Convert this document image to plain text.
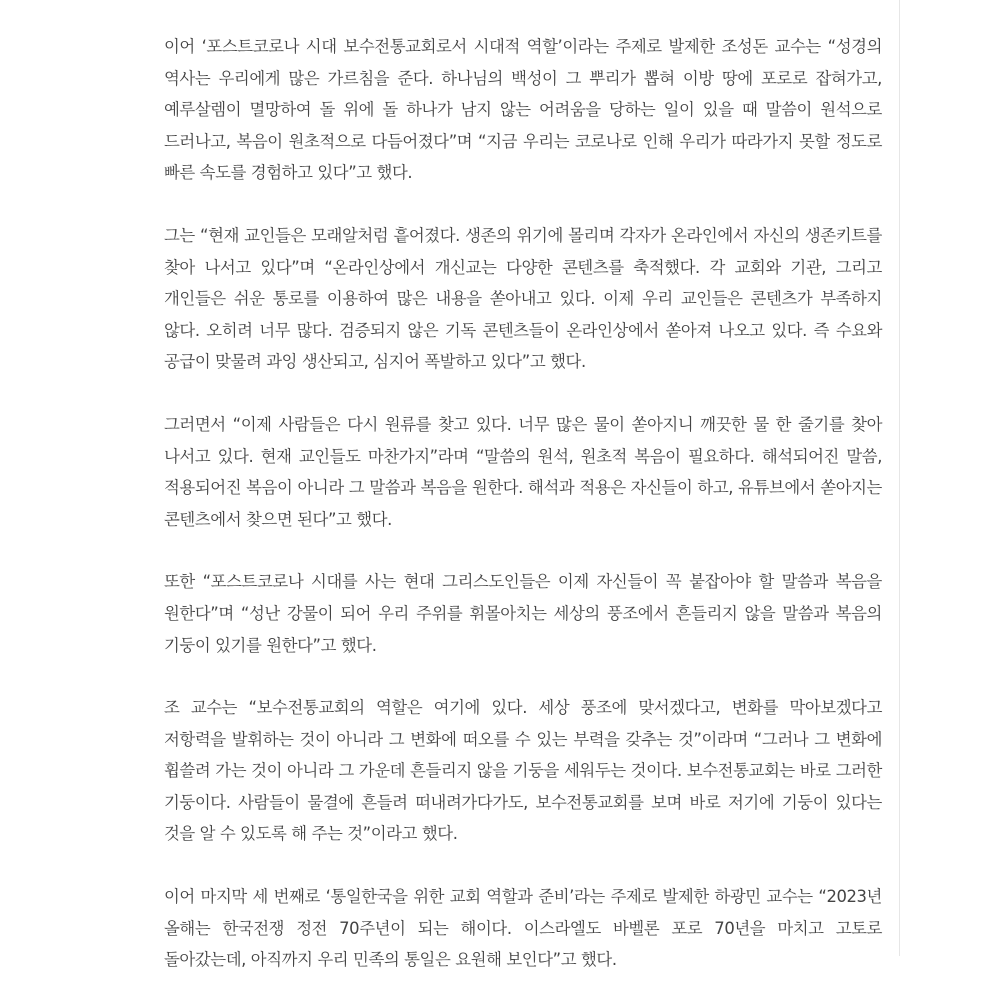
이어 ‘포스트코로나 시대 보수전통교회로서 시대적 역할’이라는 주제로 발제한 조성돈 교수는 “성경의 역사는 우리에게 많은 가르침을 준다. 하나님의 백성이 그 뿌리가 뽑혀 이방 땅에 포로로 잡혀가고, 예루살렘이 멸망하여 돌 위에 돌 하나가 남지 않는 어려움을 당하는 일이 있을 때 말씀이 원석으로 드러나고, 복음이 원초적으로 다듬어졌다”며 “지금 우리는 코로나로 인해 우리가 따라가지 못할 정도로 빠른 속도를 경험하고 있다”고 했다.

그는 “현재 교인들은 모래알처럼 흩어졌다. 생존의 위기에 몰리며 각자가 온라인에서 자신의 생존키트를 찾아 나서고 있다”며 “온라인상에서 개신교는 다양한 콘텐츠를 축적했다. 각 교회와 기관, 그리고 개인들은 쉬운 통로를 이용하여 많은 내용을 쏟아내고 있다. 이제 우리 교인들은 콘텐츠가 부족하지 않다. 오히려 너무 많다. 검증되지 않은 기독 콘텐츠들이 온라인상에서 쏟아져 나오고 있다. 즉 수요와 공급이 맞물려 과잉 생산되고, 심지어 폭발하고 있다”고 했다.

그러면서 “이제 사람들은 다시 원류를 찾고 있다. 너무 많은 물이 쏟아지니 깨끗한 물 한 줄기를 찾아 나서고 있다. 현재 교인들도 마찬가지”라며 “말씀의 원석, 원초적 복음이 필요하다. 해석되어진 말씀, 적용되어진 복음이 아니라 그 말씀과 복음을 원한다. 해석과 적용은 자신들이 하고, 유튜브에서 쏟아지는 콘텐츠에서 찾으면 된다”고 했다.

또한 “포스트코로나 시대를 사는 현대 그리스도인들은 이제 자신들이 꼭 붙잡아야 할 말씀과 복음을 원한다”며 “성난 강물이 되어 우리 주위를 휘몰아치는 세상의 풍조에서 흔들리지 않을 말씀과 복음의 기둥이 있기를 원한다”고 했다.

조 교수는 “보수전통교회의 역할은 여기에 있다. 세상 풍조에 맞서겠다고, 변화를 막아보겠다고 저항력을 발휘하는 것이 아니라 그 변화에 떠오를 수 있는 부력을 갖추는 것”이라며 “그러나 그 변화에 휩쓸려 가는 것이 아니라 그 가운데 흔들리지 않을 기둥을 세워두는 것이다. 보수전통교회는 바로 그러한 기둥이다. 사람들이 물결에 흔들려 떠내려가다가도, 보수전통교회를 보며 바로 저기에 기둥이 있다는 것을 알 수 있도록 해 주는 것”이라고 했다.

이어 마지막 세 번째로 ‘통일한국을 위한 교회 역할과 준비’라는 주제로 발제한 하광민 교수는 “2023년 올해는 한국전쟁 정전 70주년이 되는 해이다. 이스라엘도 바벨론 포로 70년을 마치고 고토로 돌아갔는데, 아직까지 우리 민족의 통일은 요원해 보인다”고 했다.
